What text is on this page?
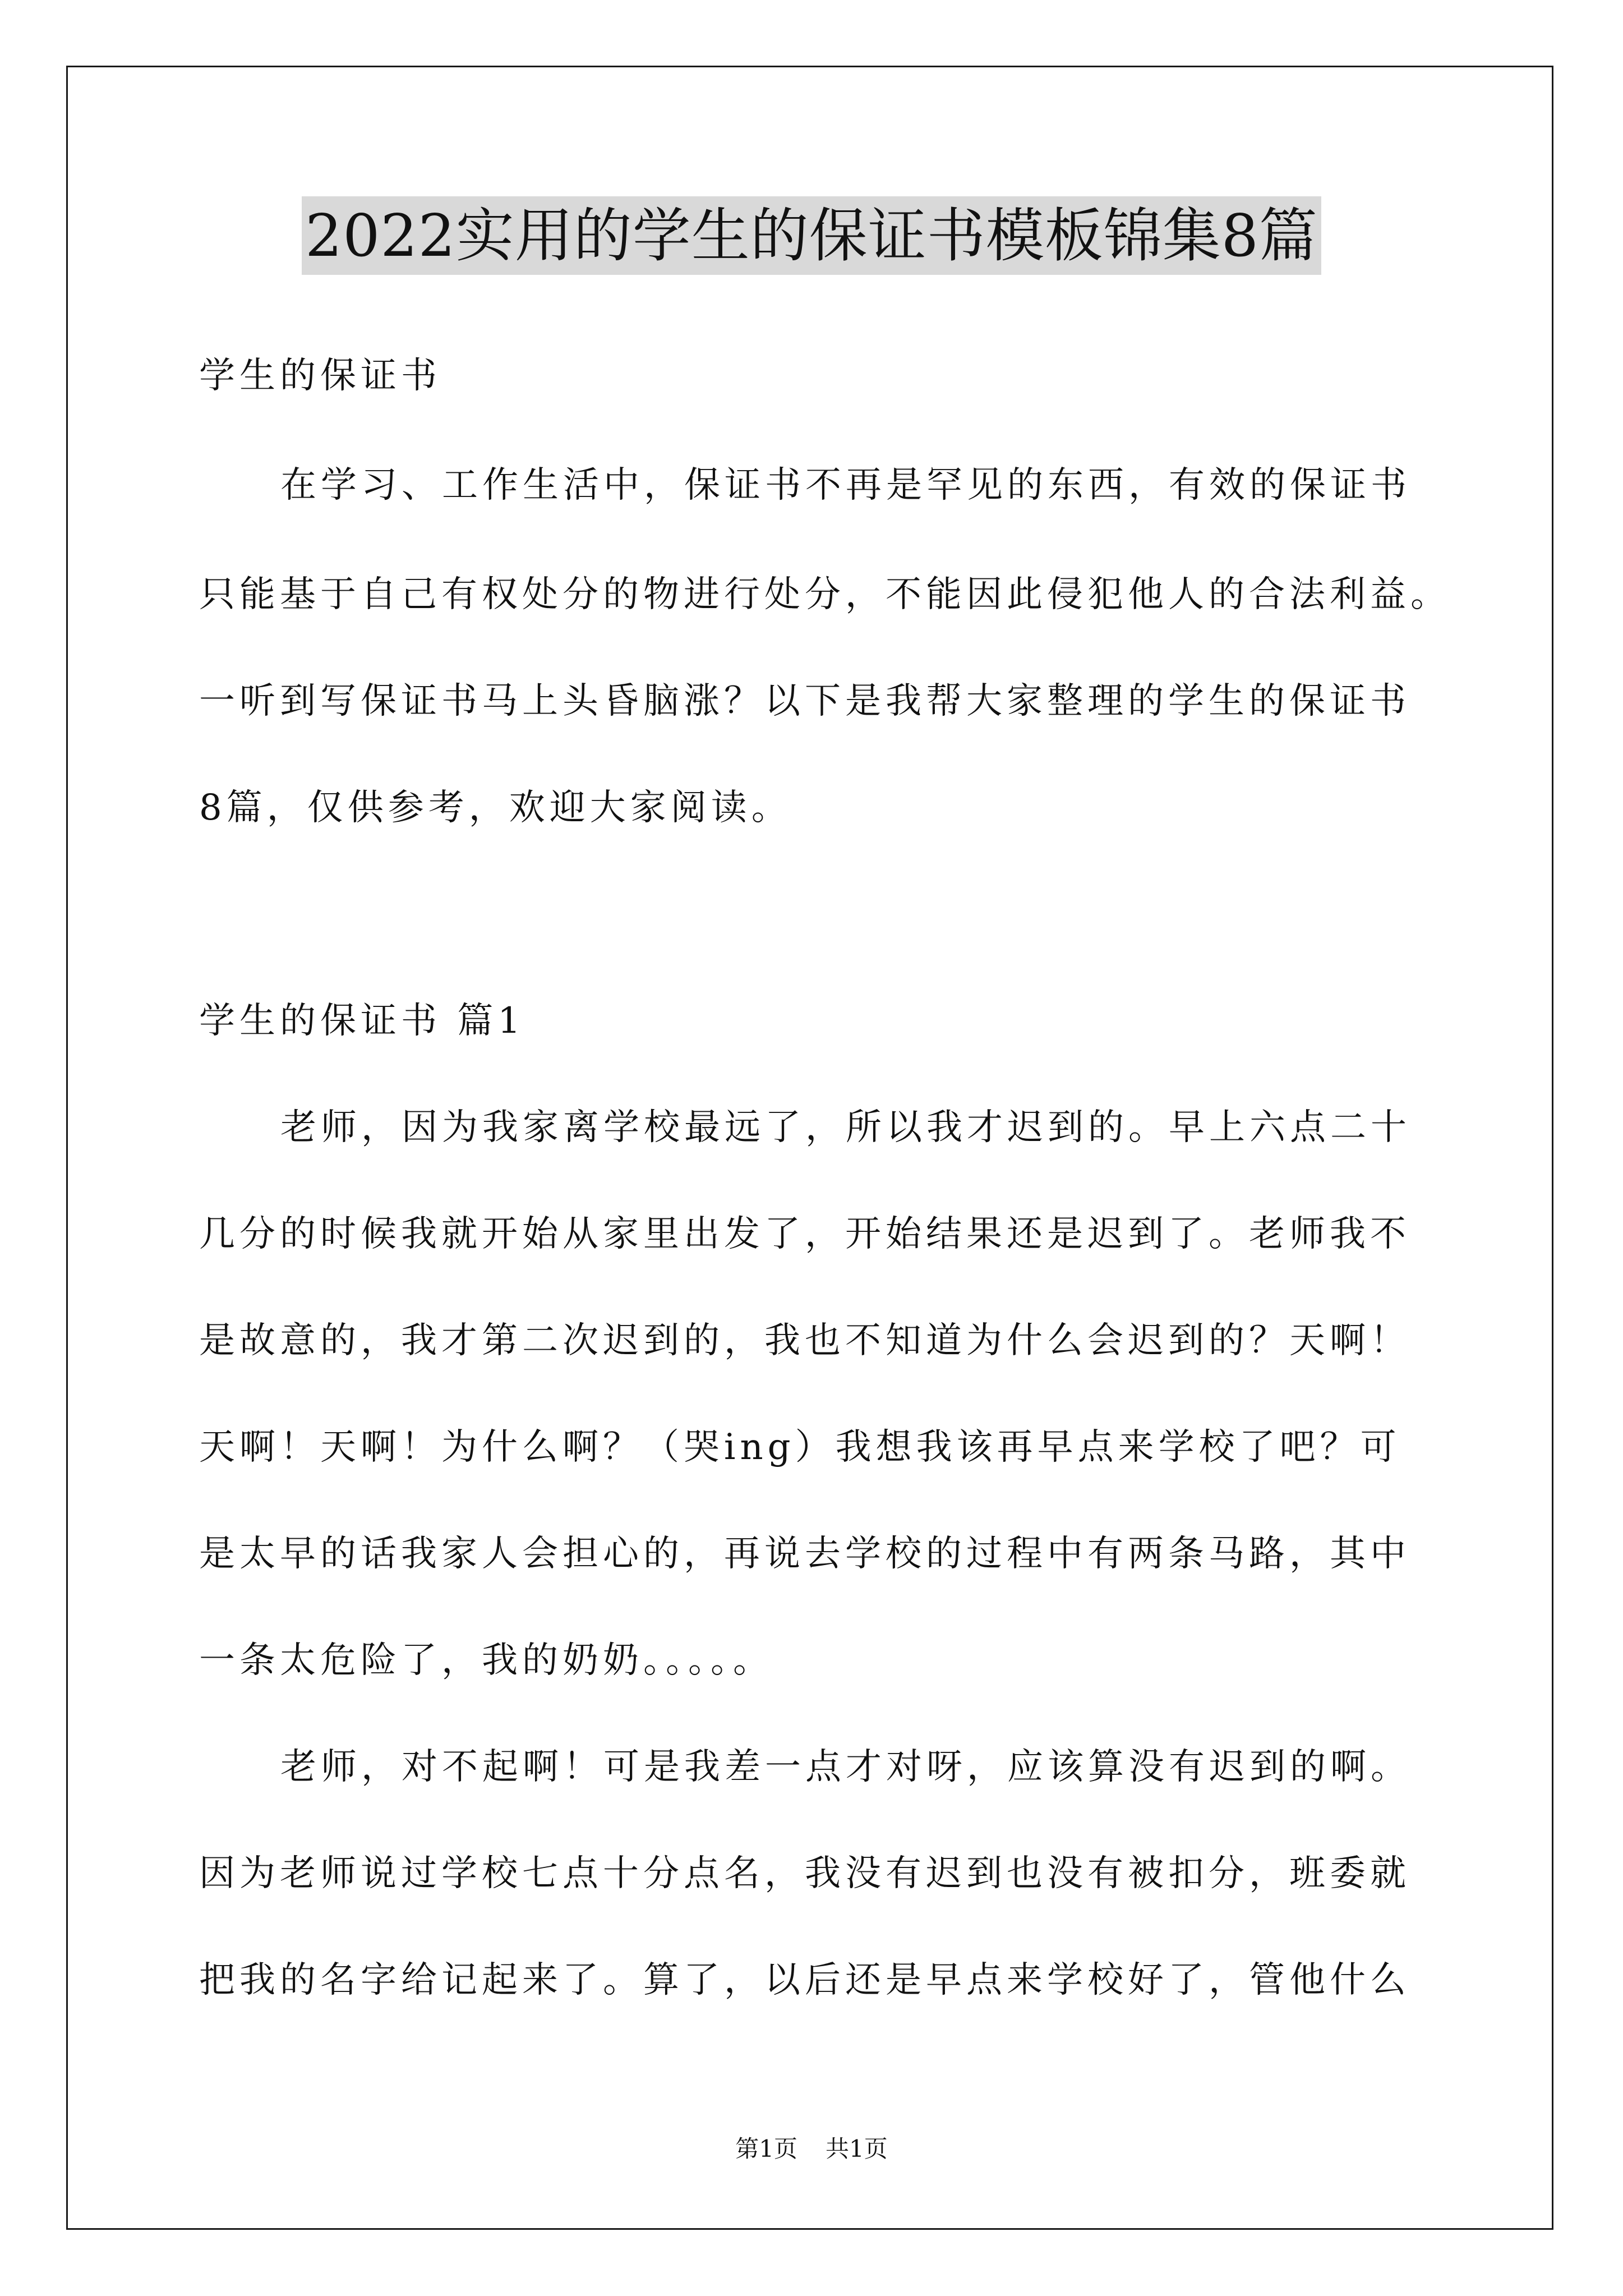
2022实用的学生的保证书模板锦集8篇
学生的保证书
在学习、工作生活中，保证书不再是罕见的东西，有效的保证书
只能基于自己有权处分的物进行处分，不能因此侵犯他人的合法利益。
一听到写保证书马上头昏脑涨？以下是我帮大家整理的学生的保证书
8篇，仅供参考，欢迎大家阅读。
学生的保证书 篇1
老师，因为我家离学校最远了，所以我才迟到的。早上六点二十
几分的时候我就开始从家里出发了，开始结果还是迟到了。老师我不
是故意的，我才第二次迟到的，我也不知道为什么会迟到的？天啊！
天啊！天啊！为什么啊？（哭ing）我想我该再早点来学校了吧？可
是太早的话我家人会担心的，再说去学校的过程中有两条马路，其中
一条太危险了，我的奶奶。。。。。
老师，对不起啊！可是我差一点才对呀，应该算没有迟到的啊。
因为老师说过学校七点十分点名，我没有迟到也没有被扣分，班委就
把我的名字给记起来了。算了，以后还是早点来学校好了，管他什么
第1页 共1页
